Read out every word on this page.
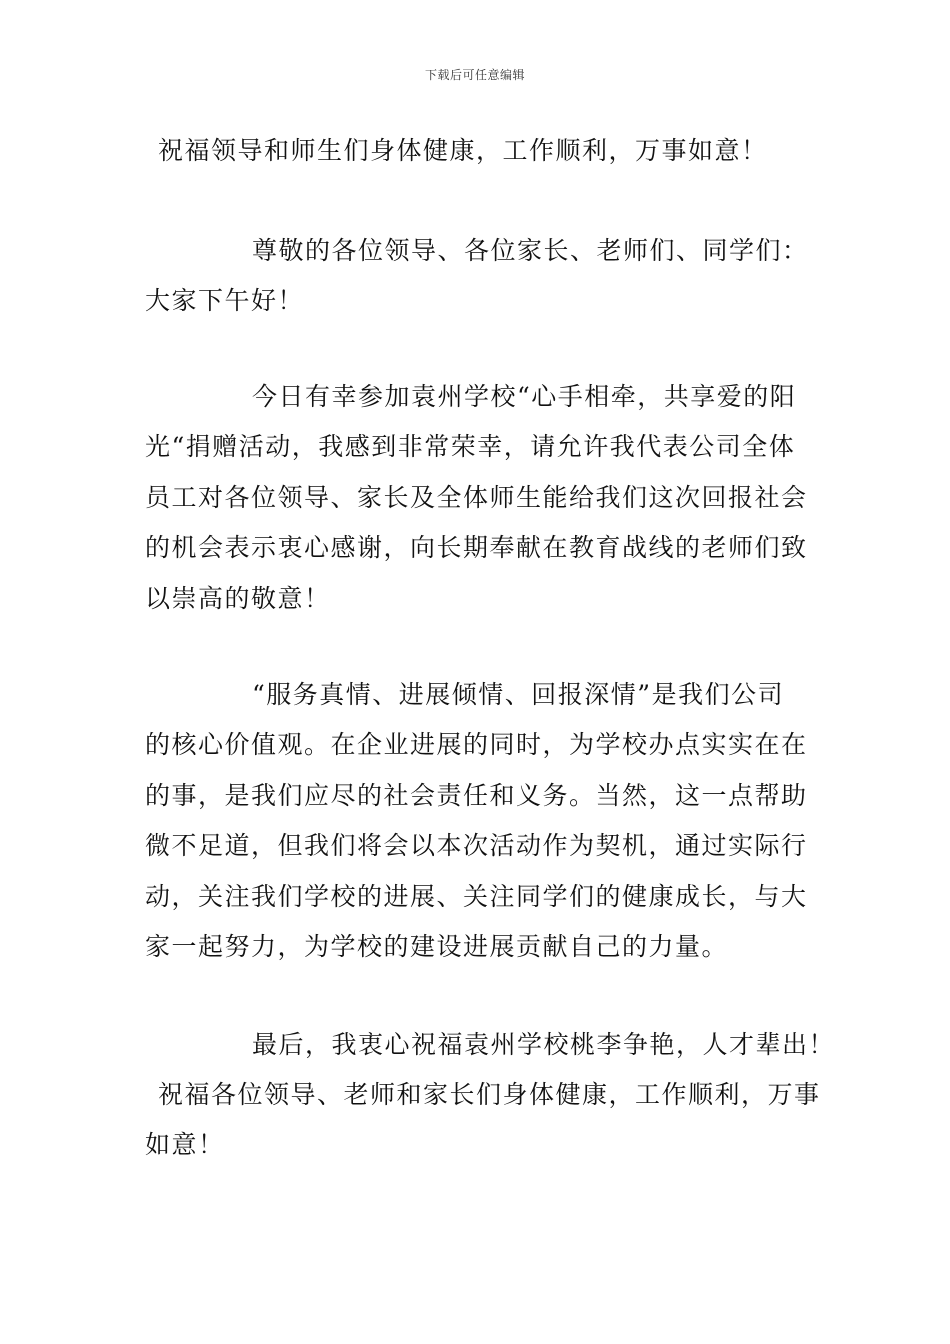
下载后可任意编辑
祝福领导和师生们身体健康，工作顺利，万事如意！
尊敬的各位领导、各位家长、老师们、同学们：
大家下午好！
今日有幸参加袁州学校“心手相牵，共享爱的阳
光“捐赠活动，我感到非常荣幸，请允许我代表公司全体
员工对各位领导、家长及全体师生能给我们这次回报社会
的机会表示衷心感谢，向长期奉献在教育战线的老师们致
以崇高的敬意！
“服务真情、进展倾情、回报深情”是我们公司
的核心价值观。在企业进展的同时，为学校办点实实在在
的事，是我们应尽的社会责任和义务。当然，这一点帮助
微不足道，但我们将会以本次活动作为契机，通过实际行
动，关注我们学校的进展、关注同学们的健康成长，与大
家一起努力，为学校的建设进展贡献自己的力量。
最后，我衷心祝福袁州学校桃李争艳，人才辈出！
祝福各位领导、老师和家长们身体健康，工作顺利，万事
如意！
